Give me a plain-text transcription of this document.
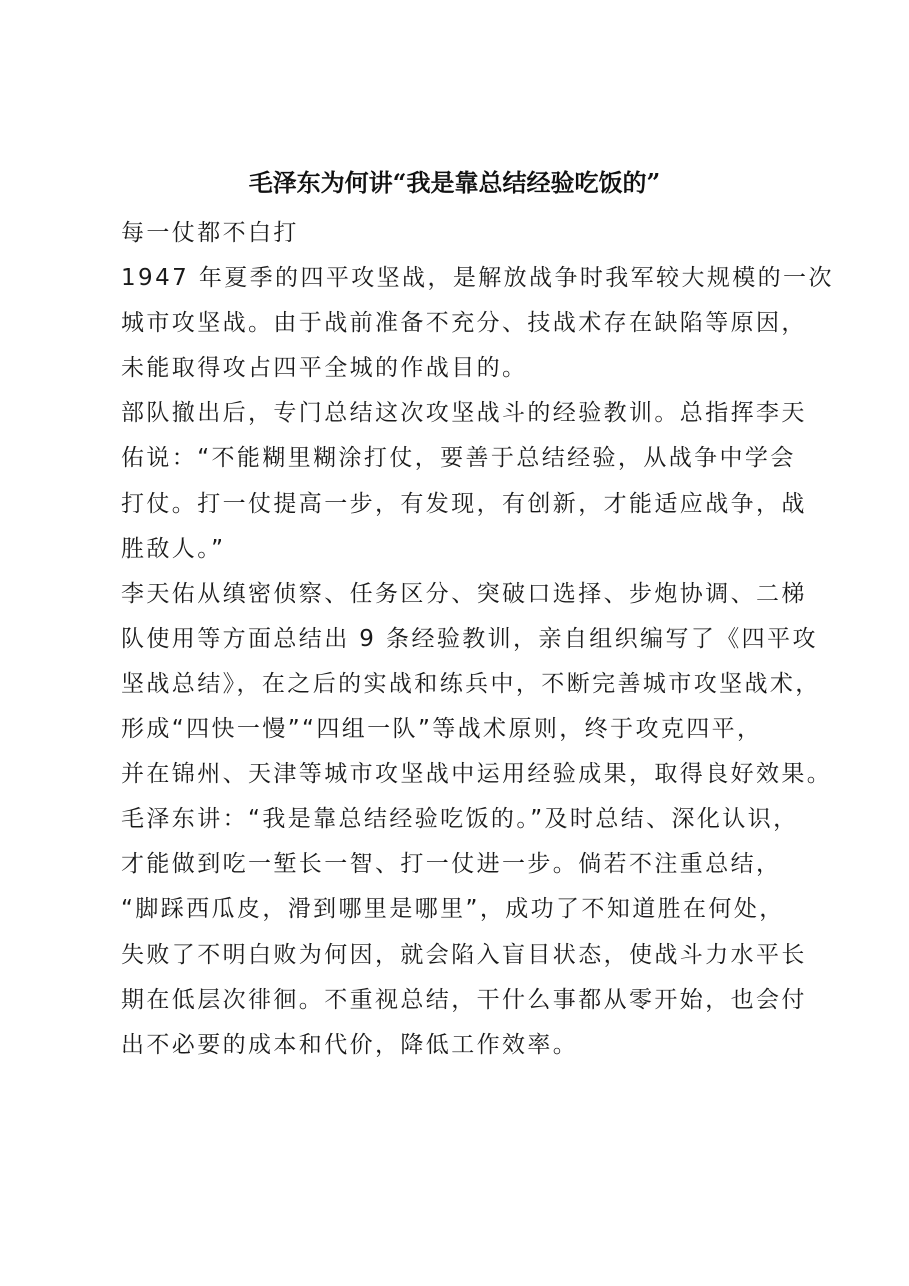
毛泽东为何讲“我是靠总结经验吃饭的”

每一仗都不白打

1947 年夏季的四平攻坚战，是解放战争时我军较大规模的一次
城市攻坚战。由于战前准备不充分、技战术存在缺陷等原因，
未能取得攻占四平全城的作战目的。

部队撤出后，专门总结这次攻坚战斗的经验教训。总指挥李天
佑说：“不能糊里糊涂打仗，要善于总结经验，从战争中学会
打仗。打一仗提高一步，有发现，有创新，才能适应战争，战
胜敌人。”

李天佑从缜密侦察、任务区分、突破口选择、步炮协调、二梯
队使用等方面总结出 9 条经验教训，亲自组织编写了《四平攻
坚战总结》，在之后的实战和练兵中，不断完善城市攻坚战术，
形成“四快一慢”“四组一队”等战术原则，终于攻克四平，
并在锦州、天津等城市攻坚战中运用经验成果，取得良好效果。

毛泽东讲：“我是靠总结经验吃饭的。”及时总结、深化认识，
才能做到吃一堑长一智、打一仗进一步。倘若不注重总结，
“脚踩西瓜皮，滑到哪里是哪里”，成功了不知道胜在何处，
失败了不明白败为何因，就会陷入盲目状态，使战斗力水平长
期在低层次徘徊。不重视总结，干什么事都从零开始，也会付
出不必要的成本和代价，降低工作效率。
